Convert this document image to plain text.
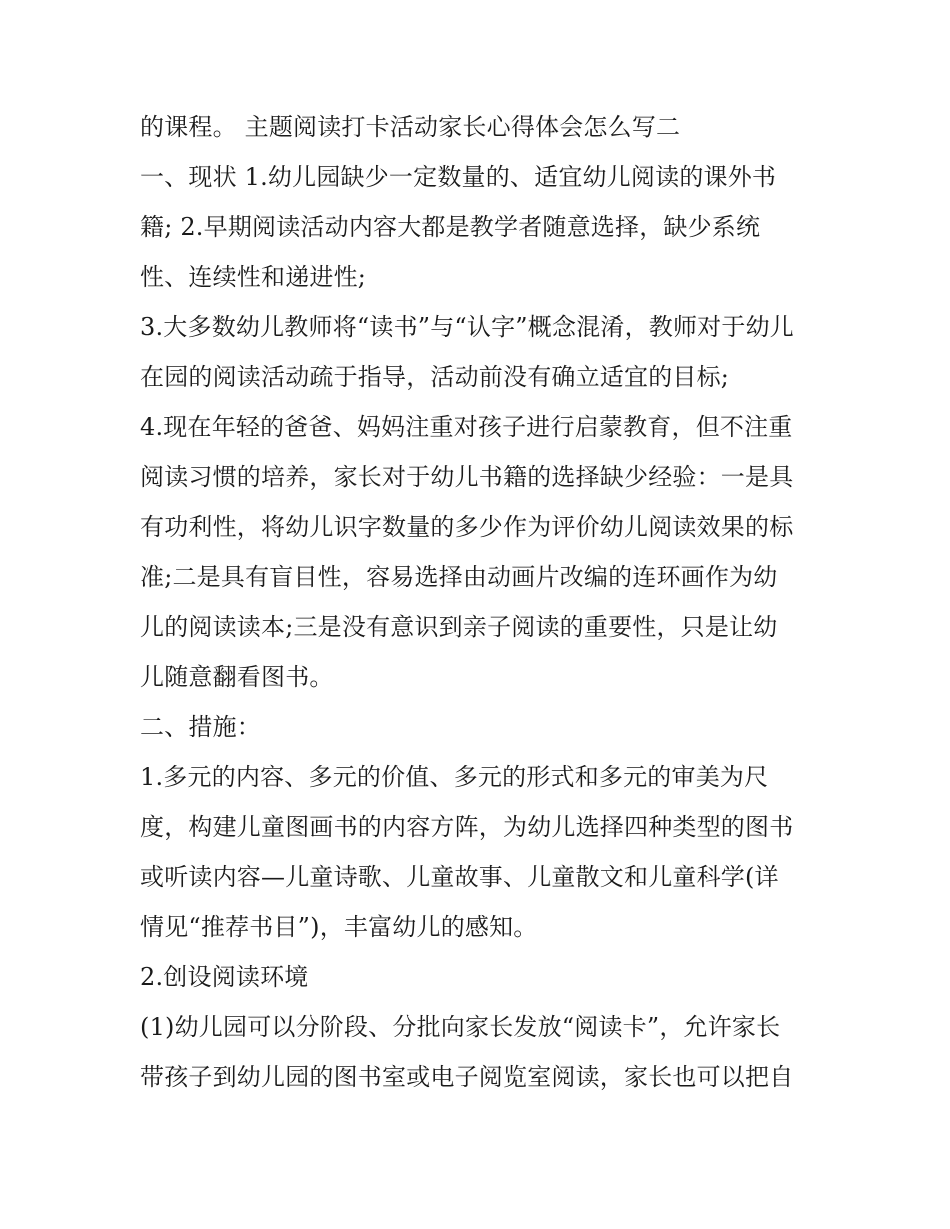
的课程。 主题阅读打卡活动家长心得体会怎么写二
一、现状 1.幼儿园缺少一定数量的、适宜幼儿阅读的课外书
籍; 2.早期阅读活动内容大都是教学者随意选择，缺少系统
性、连续性和递进性;
3.大多数幼儿教师将“读书”与“认字”概念混淆，教师对于幼儿
在园的阅读活动疏于指导，活动前没有确立适宜的目标;
4.现在年轻的爸爸、妈妈注重对孩子进行启蒙教育，但不注重
阅读习惯的培养，家长对于幼儿书籍的选择缺少经验：一是具
有功利性，将幼儿识字数量的多少作为评价幼儿阅读效果的标
准;二是具有盲目性，容易选择由动画片改编的连环画作为幼
儿的阅读读本;三是没有意识到亲子阅读的重要性，只是让幼
儿随意翻看图书。
二、措施：
1.多元的内容、多元的价值、多元的形式和多元的审美为尺
度，构建儿童图画书的内容方阵，为幼儿选择四种类型的图书
或听读内容—儿童诗歌、儿童故事、儿童散文和儿童科学(详
情见“推荐书目”)，丰富幼儿的感知。
2.创设阅读环境
(1)幼儿园可以分阶段、分批向家长发放“阅读卡”，允许家长
带孩子到幼儿园的图书室或电子阅览室阅读，家长也可以把自
